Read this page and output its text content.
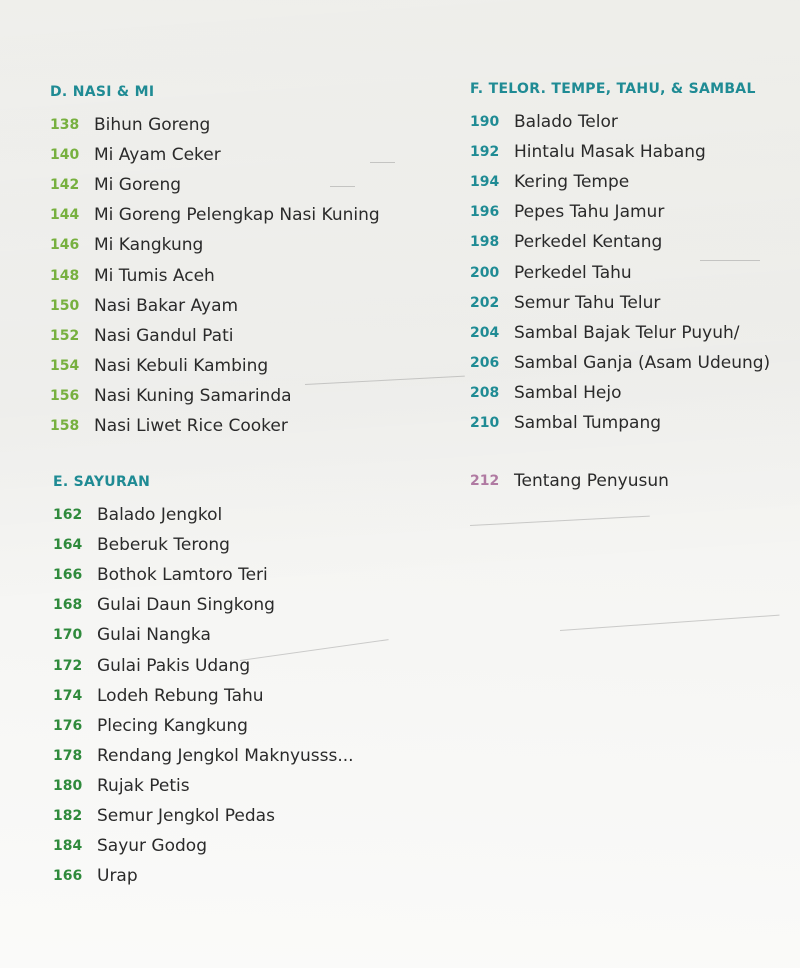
D. NASI & MI
138 Bihun Goreng
140 Mi Ayam Ceker
142 Mi Goreng
144 Mi Goreng Pelengkap Nasi Kuning
146 Mi Kangkung
148 Mi Tumis Aceh
150 Nasi Bakar Ayam
152 Nasi Gandul Pati
154 Nasi Kebuli Kambing
156 Nasi Kuning Samarinda
158 Nasi Liwet Rice Cooker
E. SAYURAN
162 Balado Jengkol
164 Beberuk Terong
166 Bothok Lamtoro Teri
168 Gulai Daun Singkong
170 Gulai Nangka
172 Gulai Pakis Udang
174 Lodeh Rebung Tahu
176 Plecing Kangkung
178 Rendang Jengkol Maknyusss...
180 Rujak Petis
182 Semur Jengkol Pedas
184 Sayur Godog
166 Urap
F. TELOR. TEMPE, TAHU, & SAMBAL
190 Balado Telor
192 Hintalu Masak Habang
194 Kering Tempe
196 Pepes Tahu Jamur
198 Perkedel Kentang
200 Perkedel Tahu
202 Semur Tahu Telur
204 Sambal Bajak Telur Puyuh/
206 Sambal Ganja (Asam Udeung)
208 Sambal Hejo
210 Sambal Tumpang
212 Tentang Penyusun
